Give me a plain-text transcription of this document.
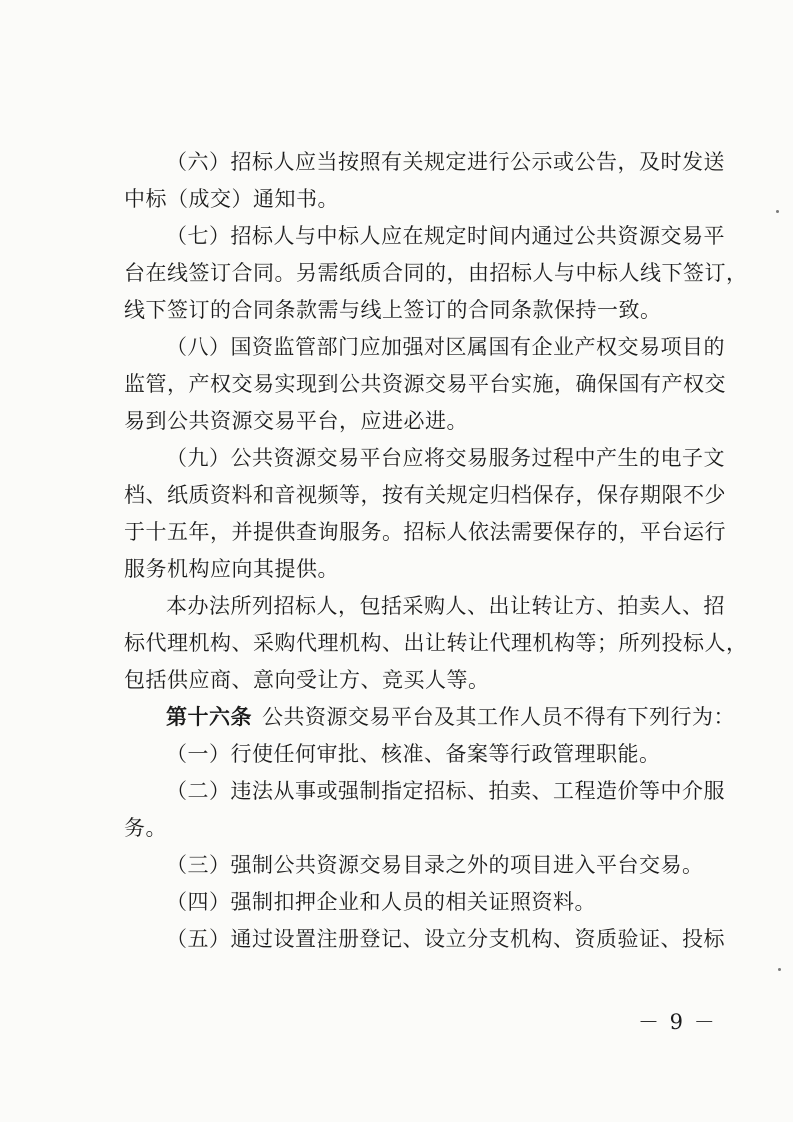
（六）招标人应当按照有关规定进行公示或公告，及时发送
中标（成交）通知书。
（七）招标人与中标人应在规定时间内通过公共资源交易平
台在线签订合同。另需纸质合同的，由招标人与中标人线下签订，
线下签订的合同条款需与线上签订的合同条款保持一致。
（八）国资监管部门应加强对区属国有企业产权交易项目的
监管，产权交易实现到公共资源交易平台实施，确保国有产权交
易到公共资源交易平台，应进必进。
（九）公共资源交易平台应将交易服务过程中产生的电子文
档、纸质资料和音视频等，按有关规定归档保存，保存期限不少
于十五年，并提供查询服务。招标人依法需要保存的，平台运行
服务机构应向其提供。
本办法所列招标人，包括采购人、出让转让方、拍卖人、招
标代理机构、采购代理机构、出让转让代理机构等；所列投标人，
包括供应商、意向受让方、竞买人等。
第十六条 公共资源交易平台及其工作人员不得有下列行为：
（一）行使任何审批、核准、备案等行政管理职能。
（二）违法从事或强制指定招标、拍卖、工程造价等中介服
务。
（三）强制公共资源交易目录之外的项目进入平台交易。
（四）强制扣押企业和人员的相关证照资料。
（五）通过设置注册登记、设立分支机构、资质验证、投标
－ 9 －
